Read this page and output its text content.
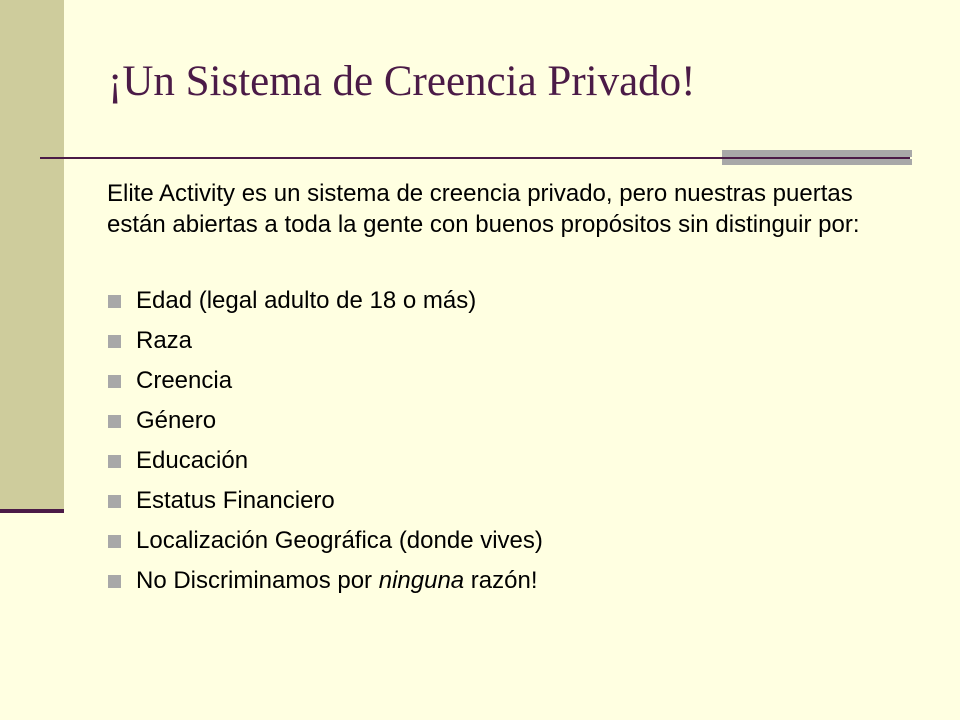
¡Un Sistema de Creencia Privado!

Elite Activity es un sistema de creencia privado, pero nuestras puertas están abiertas a toda la gente con buenos propósitos sin distinguir por:

Edad (legal adulto de 18 o más)
Raza
Creencia
Género
Educación
Estatus Financiero
Localización Geográfica (donde vives)
No Discriminamos por ninguna razón!
